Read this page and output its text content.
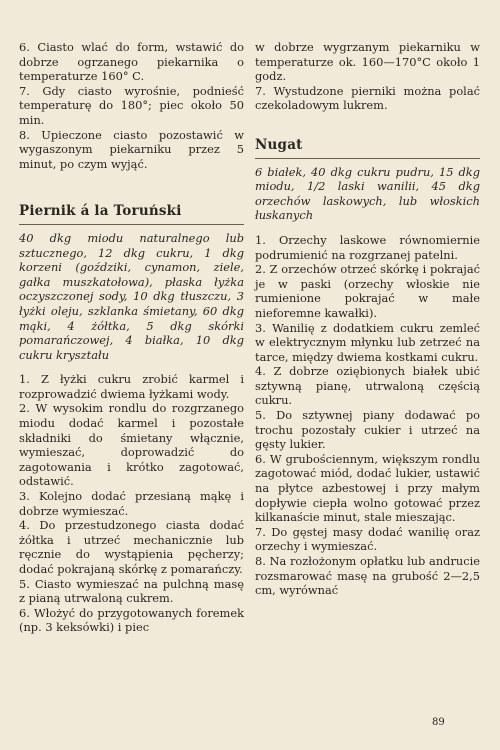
6. Ciasto wlać do form, wstawić do dobrze ogrzanego piekarnika o temperaturze 160° C.

7. Gdy ciasto wyrośnie, podnieść temperaturę do 180°; piec około 50 min.

8. Upieczone ciasto pozostawić w wygaszonym piekarniku przez 5 minut, po czym wyjąć.

Piernik á la Toruński

40 dkg miodu naturalnego lub sztucznego, 12 dkg cukru, 1 dkg korzeni (goździki, cynamon, ziele, gałka muszkatołowa), płaska łyżka oczyszczonej sody, 10 dkg tłuszczu, 3 łyżki oleju, szklanka śmietany, 60 dkg mąki, 4 żółtka, 5 dkg skórki pomarańczowej, 4 białka, 10 dkg cukru kryształu

1. Z łyżki cukru zrobić karmel i rozprowadzić dwiema łyżkami wody.

2. W wysokim rondlu do rozgrzanego miodu dodać karmel i pozostałe składniki do śmietany włącznie, wymieszać, doprowadzić do zagotowania i krótko zagotować, odstawić.

3. Kolejno dodać przesianą mąkę i dobrze wymieszać.

4. Do przestudzonego ciasta dodać żółtka i utrzeć mechanicznie lub ręcznie do wystąpienia pęcherzy; dodać pokrajaną skórkę z pomarańczy.

5. Ciasto wymieszać na pulchną masę z pianą utrwaloną cukrem.

6. Włożyć do przygotowanych foremek (np. 3 keksówki) i piec

w dobrze wygrzanym piekarniku w temperaturze ok. 160—170°C około 1 godz.

7. Wystudzone pierniki można polać czekoladowym lukrem.

Nugat

6 białek, 40 dkg cukru pudru, 15 dkg miodu, 1/2 laski wanilii, 45 dkg orzechów laskowych, lub włoskich łuskanych

1. Orzechy laskowe równomiernie podrumienić na rozgrzanej patelni.

2. Z orzechów otrzeć skórkę i pokrajać je w paski (orzechy włoskie nie rumienione pokrajać w małe nieforemne kawałki).

3. Wanilię z dodatkiem cukru zemleć w elektrycznym młynku lub zetrzeć na tarce, między dwiema kostkami cukru.

4. Z dobrze oziębionych białek ubić sztywną pianę, utrwaloną częścią cukru.

5. Do sztywnej piany dodawać po trochu pozostały cukier i utrzeć na gęsty lukier.

6. W grubościennym, większym rondlu zagotować miód, dodać lukier, ustawić na płytce azbestowej i przy małym dopływie ciepła wolno gotować przez kilkanaście minut, stale mieszając.

7. Do gęstej masy dodać wanilię oraz orzechy i wymieszać.

8. Na rozłożonym opłatku lub andrucie rozsmarować masę na grubość 2—2,5 cm, wyrównać

89
